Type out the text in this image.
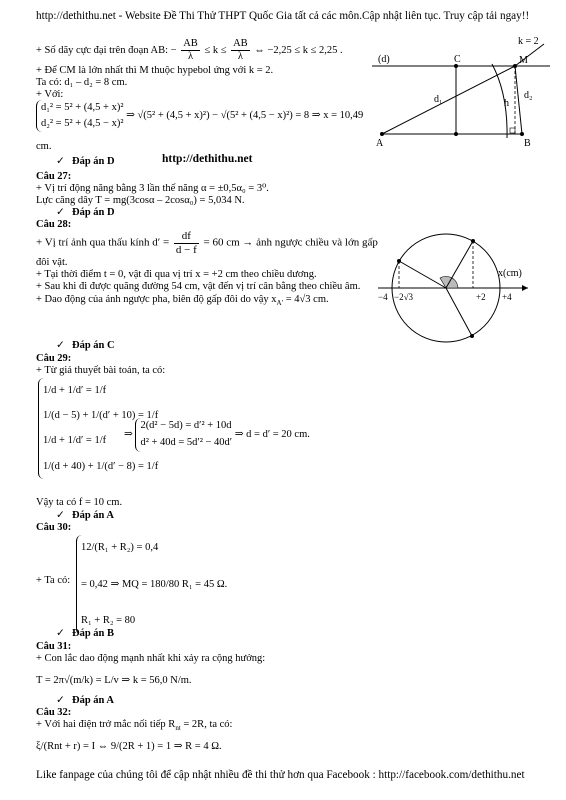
http://dethithu.net - Website Đề Thi Thử THPT Quốc Gia tất cả các môn.Cập nhật liên tục. Truy cập tải ngay!!
+ Số dãy cực đại trên đoạn AB: − $\frac{AB}{\lambda} \le k \le \frac{AB}{\lambda}$ ⇔ −2,25 ≤ k ≤ 2,25 .
+ Để CM là lớn nhất thì M thuộc hypebol ứng với k = 2.
Ta có: d₁ – d₂ = 8 cm.
+ Với:
d₁² = 5² + (4,5 + x)²
d₂² = 5² + (4,5 − x)²
⇒ √(5² + (4,5 + x)²) − √(5² + (4,5 − x)²) = 8 ⇒ x = 10,49
cm.
✓ Đáp án D	http://dethithu.net
(d)	C	M
A	B
d₁	d₂
h
k = 2
Câu 27:
+ Vị trí động năng bằng 3 lần thế năng α = ±0,5α₀ = 3⁰.
Lực căng dây T = mg(3cosα – 2cosα₀) = 5,034 N.
✓ Đáp án D
Câu 28:
+ Vị trí ảnh qua thấu kính $d' = \frac{df}{d - f} = 60$ cm → ảnh ngược chiều và lớn gấp
đôi vật.
+ Tại thời điểm t = 0, vật đi qua vị trí x = +2 cm theo chiều dương.
+ Sau khi đi được quãng đường 54 cm, vật đến vị trí cân bằng theo chiều âm.
+ Dao động của ảnh ngược pha, biên độ gấp đôi do vậy $x_{A'} = 4√3$ cm.
✓ Đáp án C
x(cm)
−4 −2√3	+2 +4
Câu 29:
+ Từ giả thuyết bài toán, ta có:
1/d + 1/d′ = 1/f
1/(d − 5) + 1/(d′ + 10) = 1/f
1/d + 1/d′ = 1/f
1/(d + 40) + 1/(d′ − 8) = 1/f
⇒
2(d² − 5d) = d′² + 10d
d² + 40d = 5d′² − 40d′
⇒ d = d′ = 20 cm.
Vậy ta có f = 10 cm.
✓ Đáp án A
Câu 30:
+ Ta có:
12/(R₁ + R₂) = 0,4
= 0,42 ⇒ MQ = 180/80 R₁ = 45 Ω.
R₁ + R₂ = 80
✓ Đáp án B
Câu 31:
+ Con lắc dao động mạnh nhất khi xảy ra cộng hưởng:
T = 2π√(m/k) = L/v ⇒ k = 56,0 N/m.
✓ Đáp án A
Câu 32:
+ Với hai điện trở mắc nối tiếp $R_{nt} = 2R$, ta có:
ξ/(Rnt + r) = I ⇔ 9/(2R + 1) = 1 ⇒ R = 4 Ω.
Like fanpage của chúng tôi để cập nhật nhiều đề thi thử hơn qua Facebook : http://facebook.com/dethithu.net
